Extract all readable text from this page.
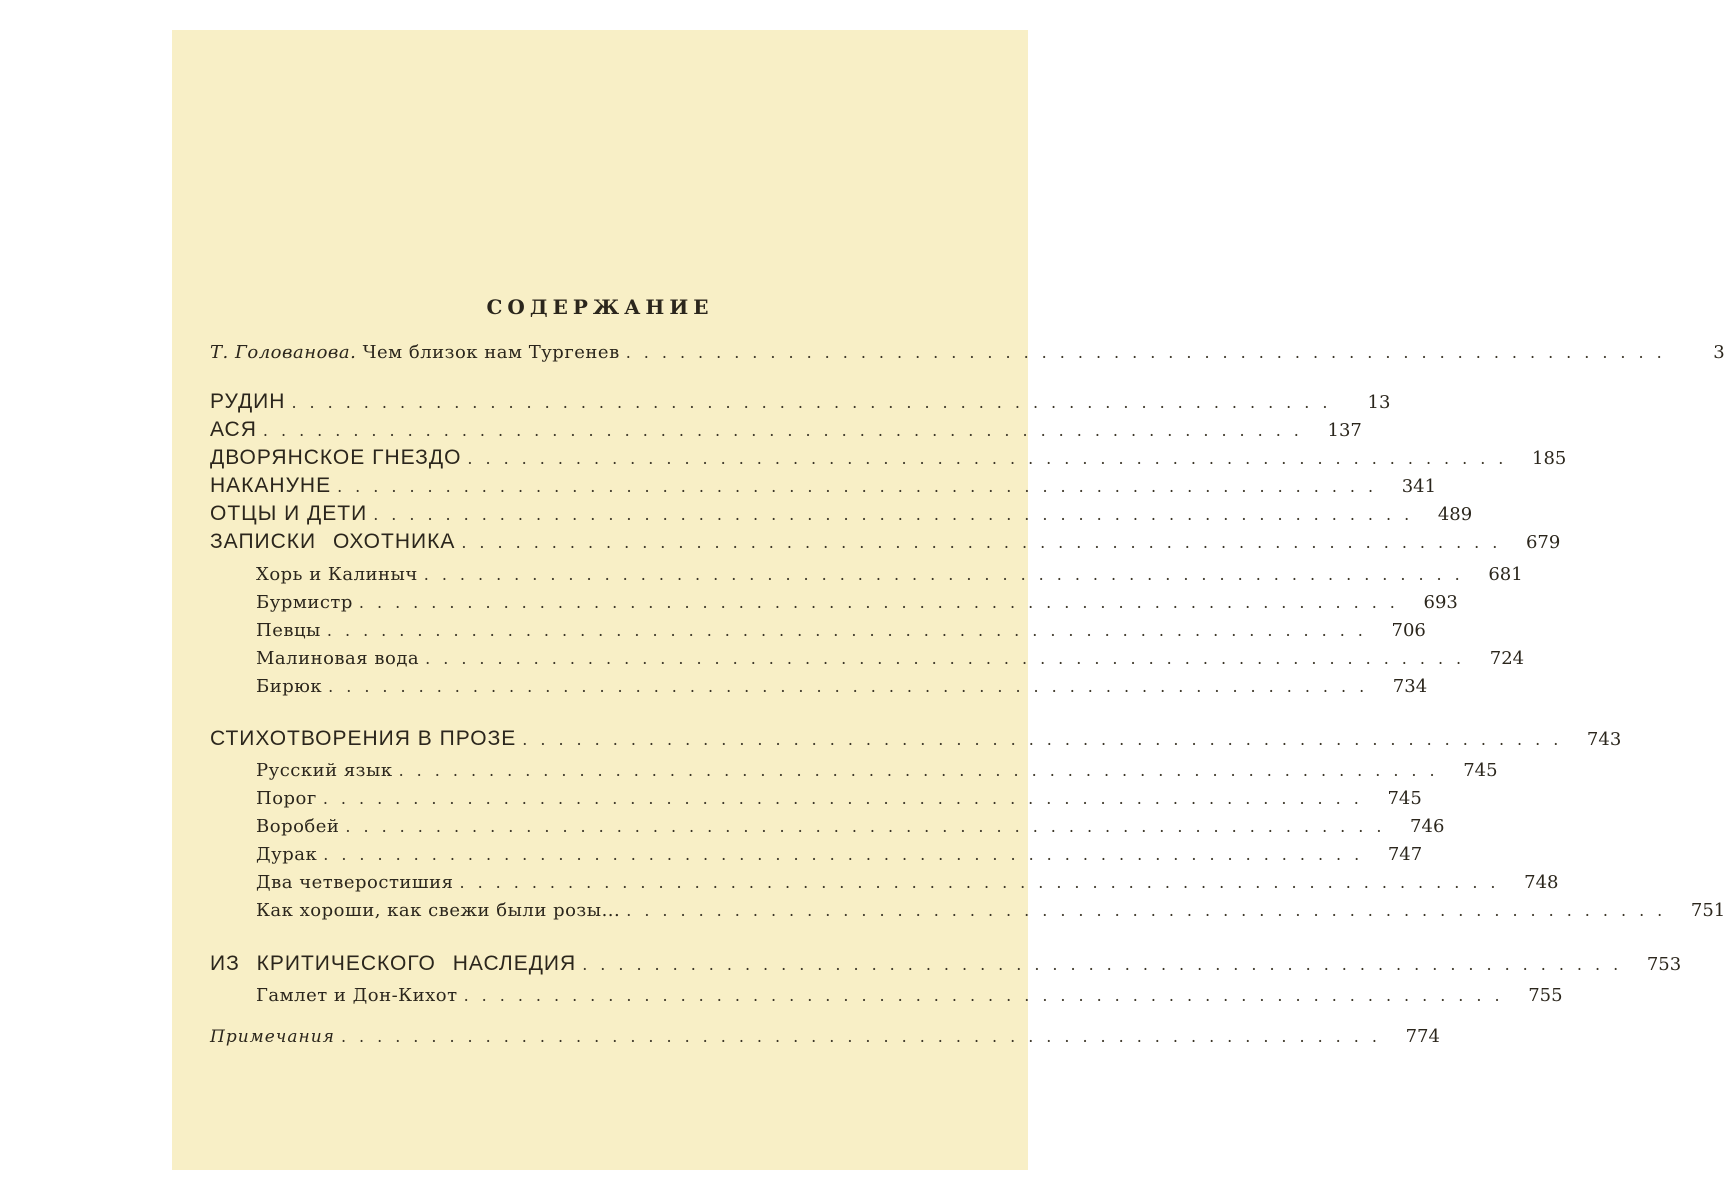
СОДЕРЖАНИЕ
Т. Голованова. Чем близок нам Тургенев ..........................................................	3
РУДИН ..........................................................	13
АСЯ .......................................................... 137
ДВОРЯНСКОЕ ГНЕЗДО .......................................................... 185
НАКАНУНЕ .......................................................... 341
ОТЦЫ И ДЕТИ .......................................................... 489
ЗАПИСКИ ОХОТНИКА .......................................................... 679
Хорь и Калиныч .......................................................... 681
Бурмистр .......................................................... 693
Певцы .......................................................... 706
Малиновая вода .......................................................... 724
Бирюк .......................................................... 734
СТИХОТВОРЕНИЯ В ПРОЗЕ .......................................................... 743
Русский язык .......................................................... 745
Порог .......................................................... 745
Воробей .......................................................... 746
Дурак .......................................................... 747
Два четверостишия .......................................................... 748
Как хороши, как свежи были розы... .......................................................... 751
ИЗ КРИТИЧЕСКОГО НАСЛЕДИЯ .......................................................... 753
Гамлет и Дон-Кихот .......................................................... 755
Примечания .......................................................... 774
